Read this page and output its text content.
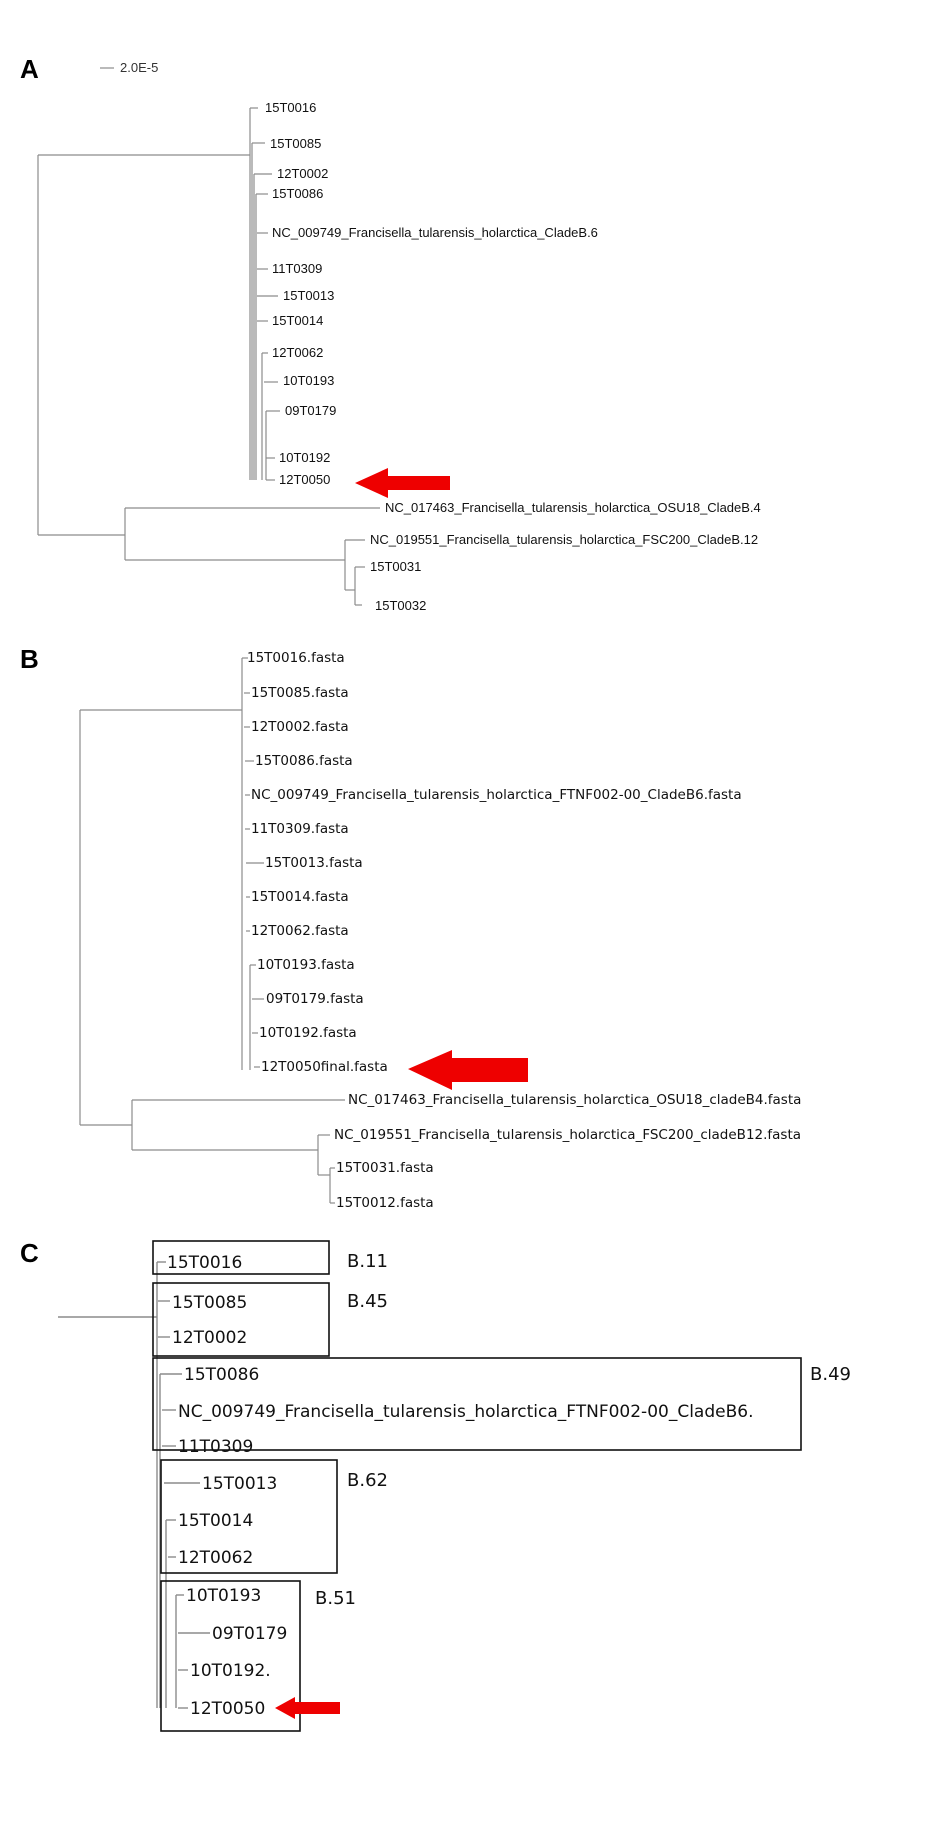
A	2.0E-5
15T0016
15T0085
12T0002
15T0086
NC_009749_Francisella_tularensis_holarctica_CladeB.6
11T0309
15T0013
15T0014
12T0062
10T0193
09T0179
10T0192
12T0050
NC_017463_Francisella_tularensis_holarctica_OSU18_CladeB.4
NC_019551_Francisella_tularensis_holarctica_FSC200_CladeB.12
15T0031
15T0032
B	15T0016.fasta
15T0085.fasta
12T0002.fasta
15T0086.fasta
NC_009749_Francisella_tularensis_holarctica_FTNF002-00_CladeB6.fasta
11T0309.fasta
15T0013.fasta
15T0014.fasta
12T0062.fasta
10T0193.fasta
09T0179.fasta
10T0192.fasta
12T0050final.fasta
NC_017463_Francisella_tularensis_holarctica_OSU18_cladeB4.fasta
NC_019551_Francisella_tularensis_holarctica_FSC200_cladeB12.fasta
15T0031.fasta
15T0012.fasta
C	15T0016
15T0085
12T0002
15T0086
NC_009749_Francisella_tularensis_holarctica_FTNF002-00_CladeB6.
11T0309
15T0013
15T0014
12T0062
10T0193
09T0179
10T0192.
12T0050
B.11
B.45
B.49
B.62
B.51
